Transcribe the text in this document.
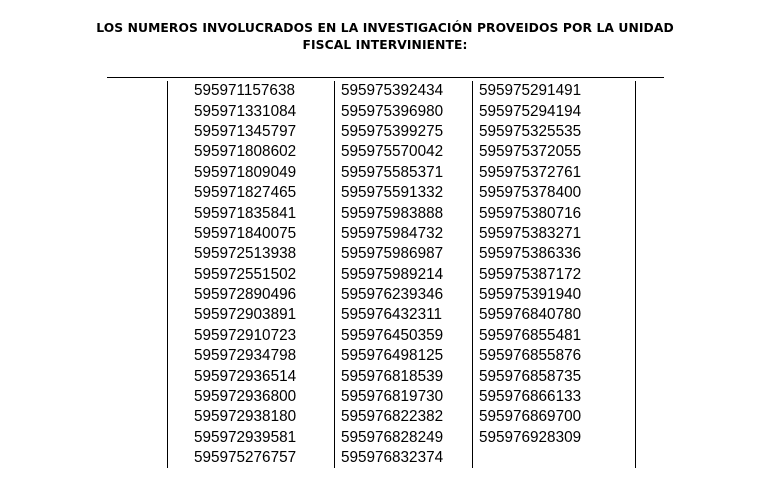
LOS NUMEROS INVOLUCRADOS EN LA INVESTIGACIÓN PROVEIDOS POR LA UNIDAD
FISCAL INTERVINIENTE:
595971157638	595975392434	595975291491
595971331084	595975396980	595975294194
595971345797	595975399275	595975325535
595971808602	595975570042	595975372055
595971809049	595975585371	595975372761
595971827465	595975591332	595975378400
595971835841	595975983888	595975380716
595971840075	595975984732	595975383271
595972513938	595975986987	595975386336
595972551502	595975989214	595975387172
595972890496	595976239346	595975391940
595972903891	595976432311	595976840780
595972910723	595976450359	595976855481
595972934798	595976498125	595976855876
595972936514	595976818539	595976858735
595972936800	595976819730	595976866133
595972938180	595976822382	595976869700
595972939581	595976828249	595976928309
595975276757	595976832374	
